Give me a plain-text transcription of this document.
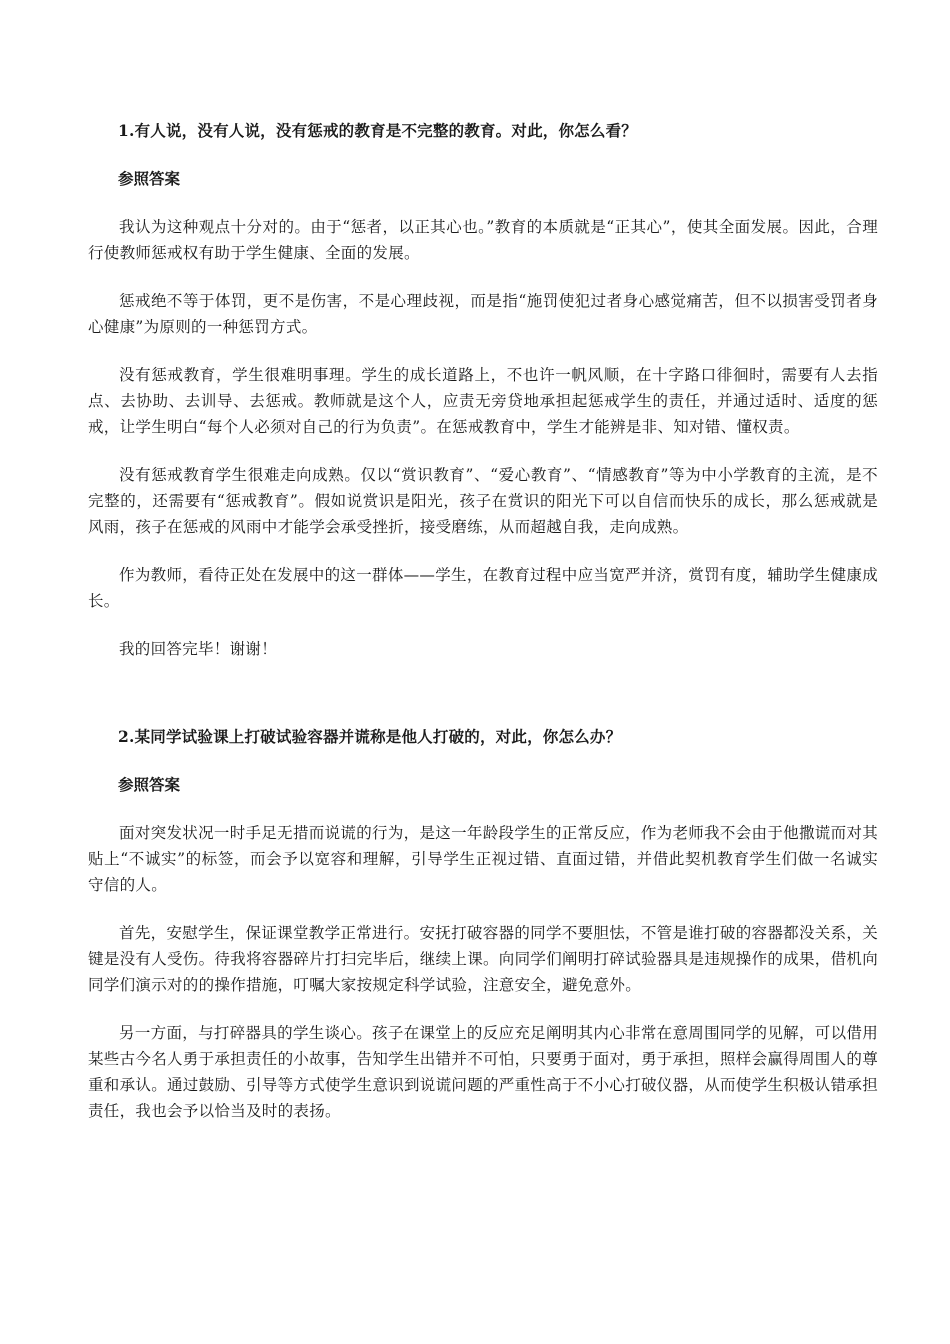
1.有人说，没有人说，没有惩戒的教育是不完整的教育。对此，你怎么看？

参照答案

我认为这种观点十分对的。由于“惩者，以正其心也。”教育的本质就是“正其心”，使其全面发展。因此，合理行使教师惩戒权有助于学生健康、全面的发展。

惩戒绝不等于体罚，更不是伤害，不是心理歧视，而是指“施罚使犯过者身心感觉痛苦，但不以损害受罚者身心健康”为原则的一种惩罚方式。

没有惩戒教育，学生很难明事理。学生的成长道路上，不也许一帆风顺，在十字路口徘徊时，需要有人去指点、去协助、去训导、去惩戒。教师就是这个人，应责无旁贷地承担起惩戒学生的责任，并通过适时、适度的惩戒，让学生明白“每个人必须对自己的行为负责”。在惩戒教育中，学生才能辨是非、知对错、懂权责。

没有惩戒教育学生很难走向成熟。仅以“赏识教育”、“爱心教育”、“情感教育”等为中小学教育的主流，是不完整的，还需要有“惩戒教育”。假如说赏识是阳光，孩子在赏识的阳光下可以自信而快乐的成长，那么惩戒就是风雨，孩子在惩戒的风雨中才能学会承受挫折，接受磨练，从而超越自我，走向成熟。

作为教师，看待正处在发展中的这一群体——学生，在教育过程中应当宽严并济，赏罚有度，辅助学生健康成长。

我的回答完毕！谢谢！

2.某同学试验课上打破试验容器并谎称是他人打破的，对此，你怎么办？

参照答案

面对突发状况一时手足无措而说谎的行为，是这一年龄段学生的正常反应，作为老师我不会由于他撒谎而对其贴上“不诚实”的标签，而会予以宽容和理解，引导学生正视过错、直面过错，并借此契机教育学生们做一名诚实守信的人。

首先，安慰学生，保证课堂教学正常进行。安抚打破容器的同学不要胆怯，不管是谁打破的容器都没关系，关键是没有人受伤。待我将容器碎片打扫完毕后，继续上课。向同学们阐明打碎试验器具是违规操作的成果，借机向同学们演示对的的操作措施，叮嘱大家按规定科学试验，注意安全，避免意外。

另一方面，与打碎器具的学生谈心。孩子在课堂上的反应充足阐明其内心非常在意周围同学的见解，可以借用某些古今名人勇于承担责任的小故事，告知学生出错并不可怕，只要勇于面对，勇于承担，照样会赢得周围人的尊重和承认。通过鼓励、引导等方式使学生意识到说谎问题的严重性高于不小心打破仪器，从而使学生积极认错承担责任，我也会予以恰当及时的表扬。
